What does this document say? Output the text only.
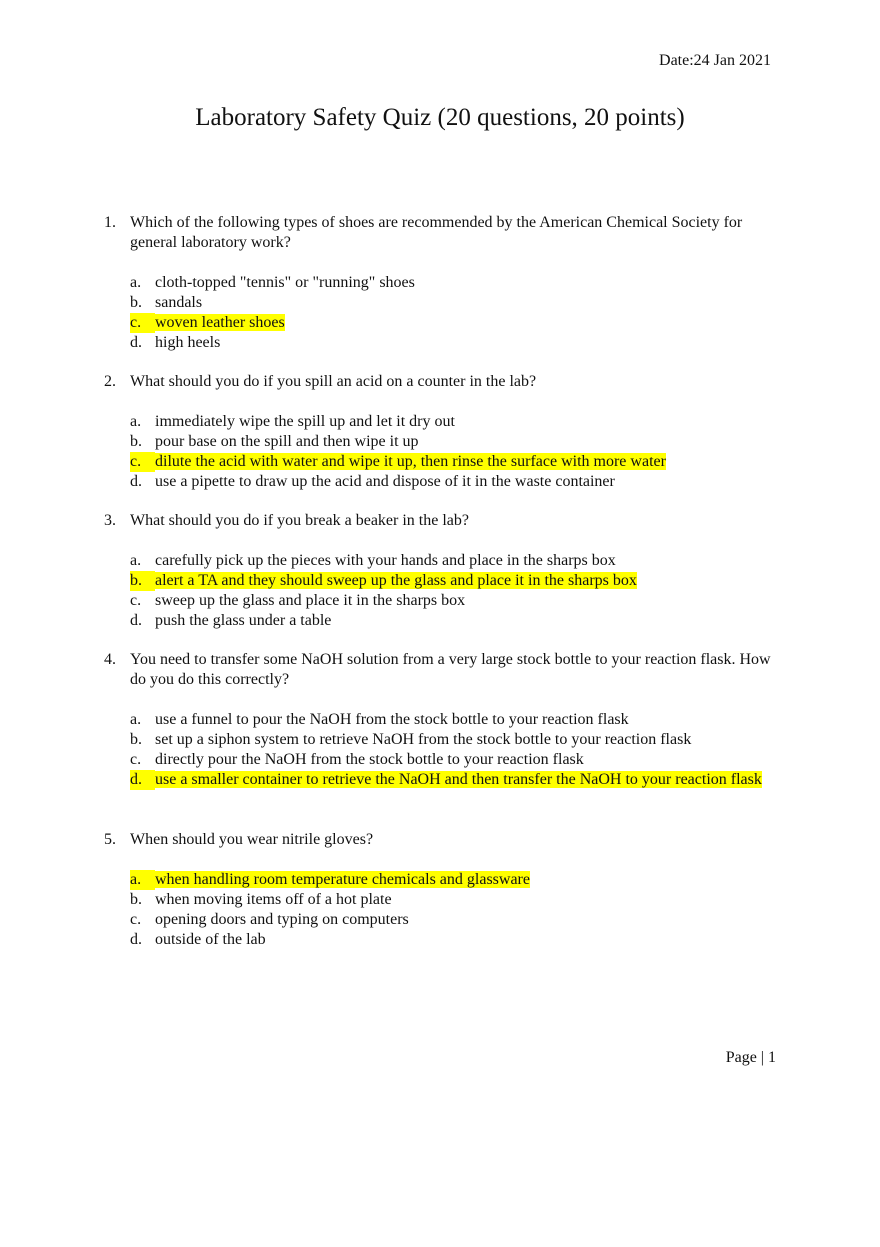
Date:24 Jan 2021
Laboratory Safety Quiz (20 questions, 20 points)
1. Which of the following types of shoes are recommended by the American Chemical Society for general laboratory work?
a. cloth-topped "tennis" or "running" shoes
b. sandals
c. woven leather shoes
d. high heels
2. What should you do if you spill an acid on a counter in the lab?
a. immediately wipe the spill up and let it dry out
b. pour base on the spill and then wipe it up
c. dilute the acid with water and wipe it up, then rinse the surface with more water
d. use a pipette to draw up the acid and dispose of it in the waste container
3. What should you do if you break a beaker in the lab?
a. carefully pick up the pieces with your hands and place in the sharps box
b. alert a TA and they should sweep up the glass and place it in the sharps box
c. sweep up the glass and place it in the sharps box
d. push the glass under a table
4. You need to transfer some NaOH solution from a very large stock bottle to your reaction flask. How do you do this correctly?
a. use a funnel to pour the NaOH from the stock bottle to your reaction flask
b. set up a siphon system to retrieve NaOH from the stock bottle to your reaction flask
c. directly pour the NaOH from the stock bottle to your reaction flask
d. use a smaller container to retrieve the NaOH and then transfer the NaOH to your reaction flask
5. When should you wear nitrile gloves?
a. when handling room temperature chemicals and glassware
b. when moving items off of a hot plate
c. opening doors and typing on computers
d. outside of the lab
Page | 1
